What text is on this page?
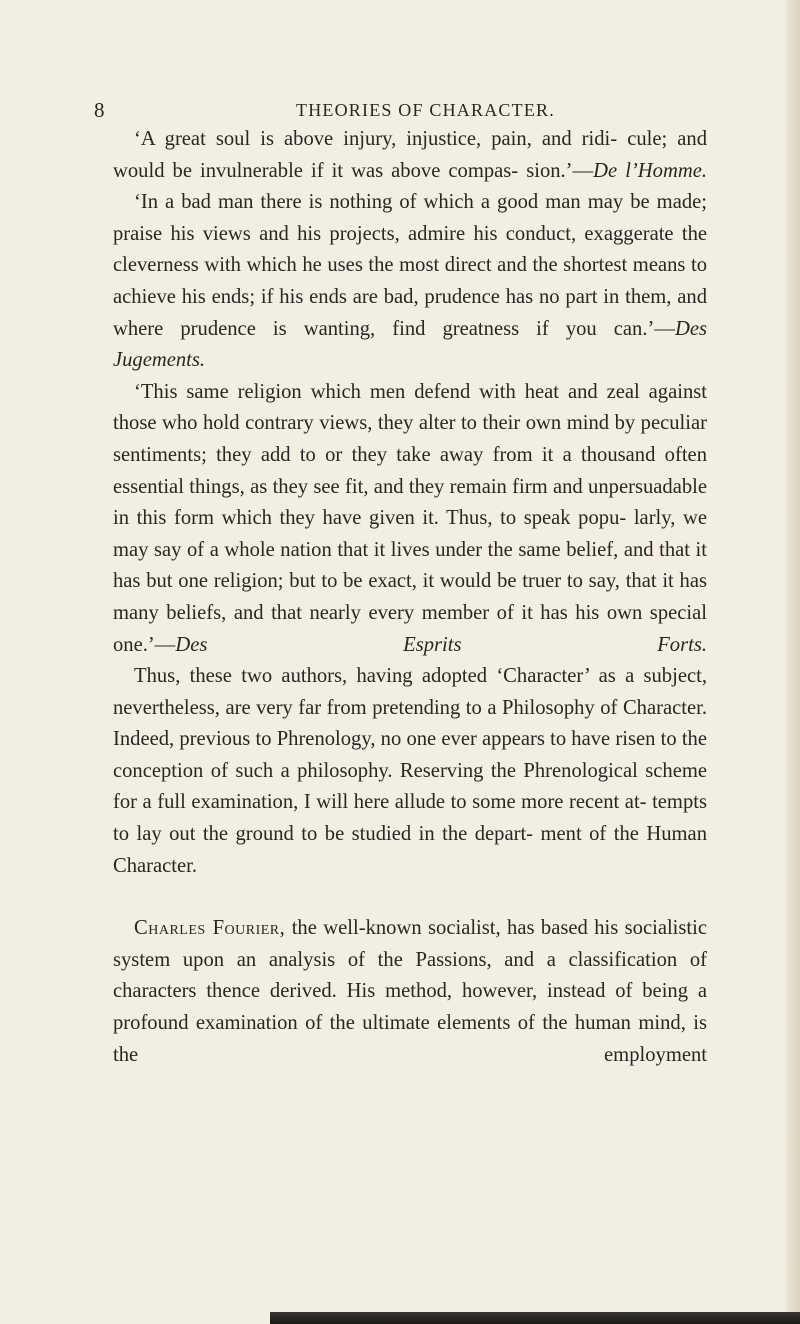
8	THEORIES OF CHARACTER.

‘A great soul is above injury, injustice, pain, and ridi- cule; and would be invulnerable if it was above compas- sion.’—De l’Homme.

‘In a bad man there is nothing of which a good man may be made; praise his views and his projects, admire his conduct, exaggerate the cleverness with which he uses the most direct and the shortest means to achieve his ends; if his ends are bad, prudence has no part in them, and where prudence is wanting, find greatness if you can.’—Des Jugements.

‘This same religion which men defend with heat and zeal against those who hold contrary views, they alter to their own mind by peculiar sentiments; they add to or they take away from it a thousand often essential things, as they see fit, and they remain firm and unpersuadable in this form which they have given it. Thus, to speak popu- larly, we may say of a whole nation that it lives under the same belief, and that it has but one religion; but to be exact, it would be truer to say, that it has many beliefs, and that nearly every member of it has his own special one.’—Des Esprits Forts.

Thus, these two authors, having adopted ‘Character’ as a subject, nevertheless, are very far from pretending to a Philosophy of Character. Indeed, previous to Phrenology, no one ever appears to have risen to the conception of such a philosophy. Reserving the Phrenological scheme for a full examination, I will here allude to some more recent at- tempts to lay out the ground to be studied in the depart- ment of the Human Character.

Charles Fourier, the well-known socialist, has based his socialistic system upon an analysis of the Passions, and a classification of characters thence derived. His method, however, instead of being a profound examination of the ultimate elements of the human mind, is the employment
